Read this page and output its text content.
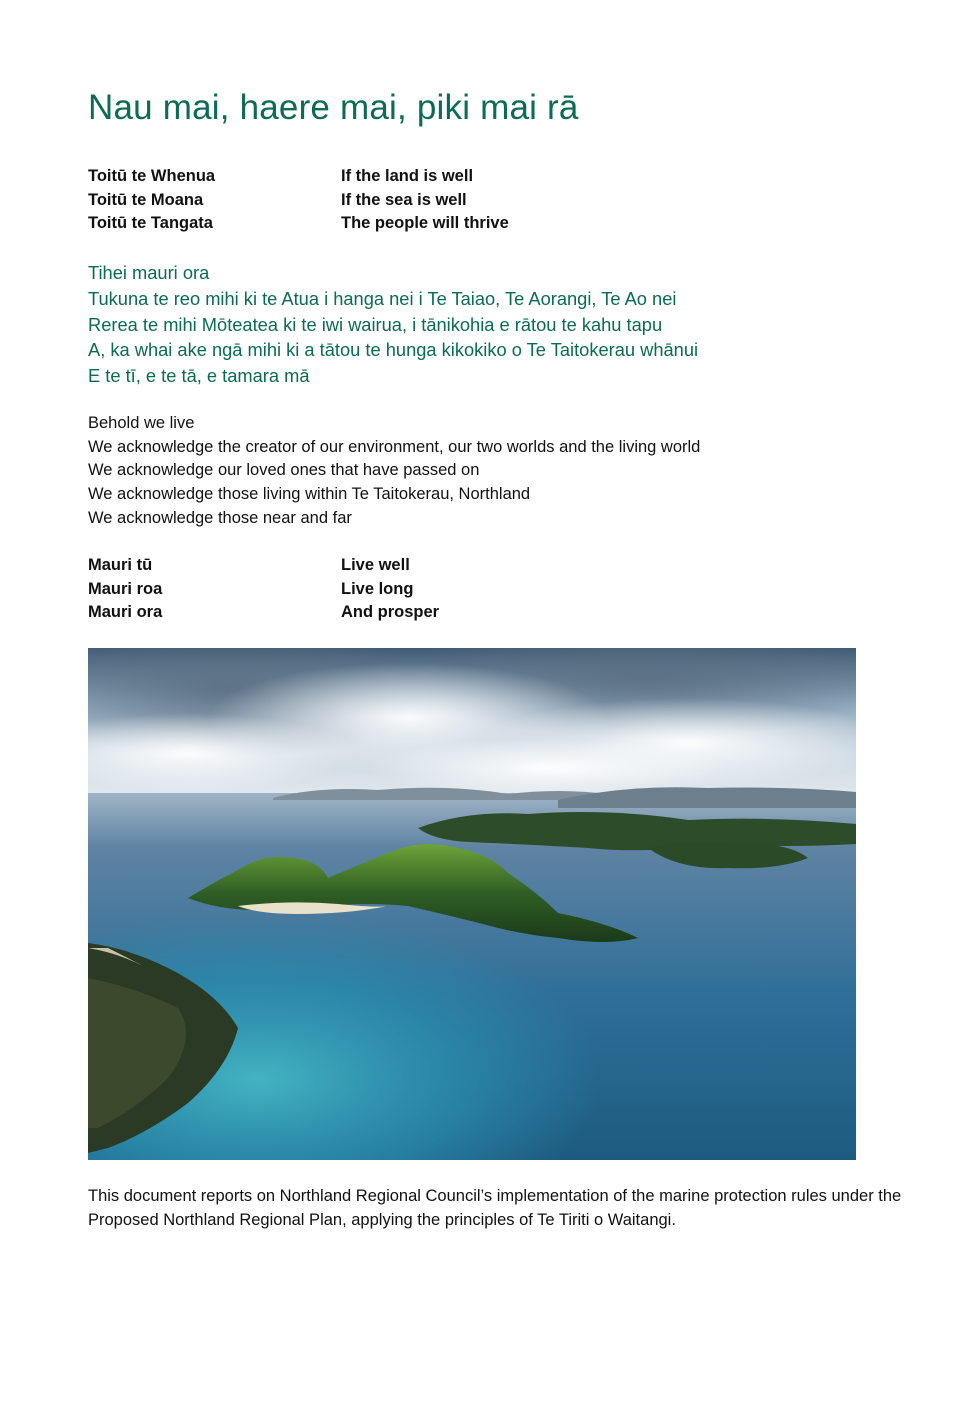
Nau mai, haere mai, piki mai rā
Toitū te Whenua	If the land is well
Toitū te Moana	If the sea is well
Toitū te Tangata	The people will thrive
Tihei mauri ora
Tukuna te reo mihi ki te Atua i hanga nei i Te Taiao, Te Aorangi, Te Ao nei
Rerea te mihi Mōteatea ki te iwi wairua, i tānikohia e rātou te kahu tapu
A, ka whai ake ngā mihi ki a tātou te hunga kikokiko o Te Taitokerau whānui
E te tī, e te tā, e tamara mā
Behold we live
We acknowledge the creator of our environment, our two worlds and the living world
We acknowledge our loved ones that have passed on
We acknowledge those living within Te Taitokerau, Northland
We acknowledge those near and far
Mauri tū	Live well
Mauri roa	Live long
Mauri ora	And prosper
This document reports on Northland Regional Council’s implementation of the marine protection rules under the Proposed Northland Regional Plan, applying the principles of Te Tiriti o Waitangi.
